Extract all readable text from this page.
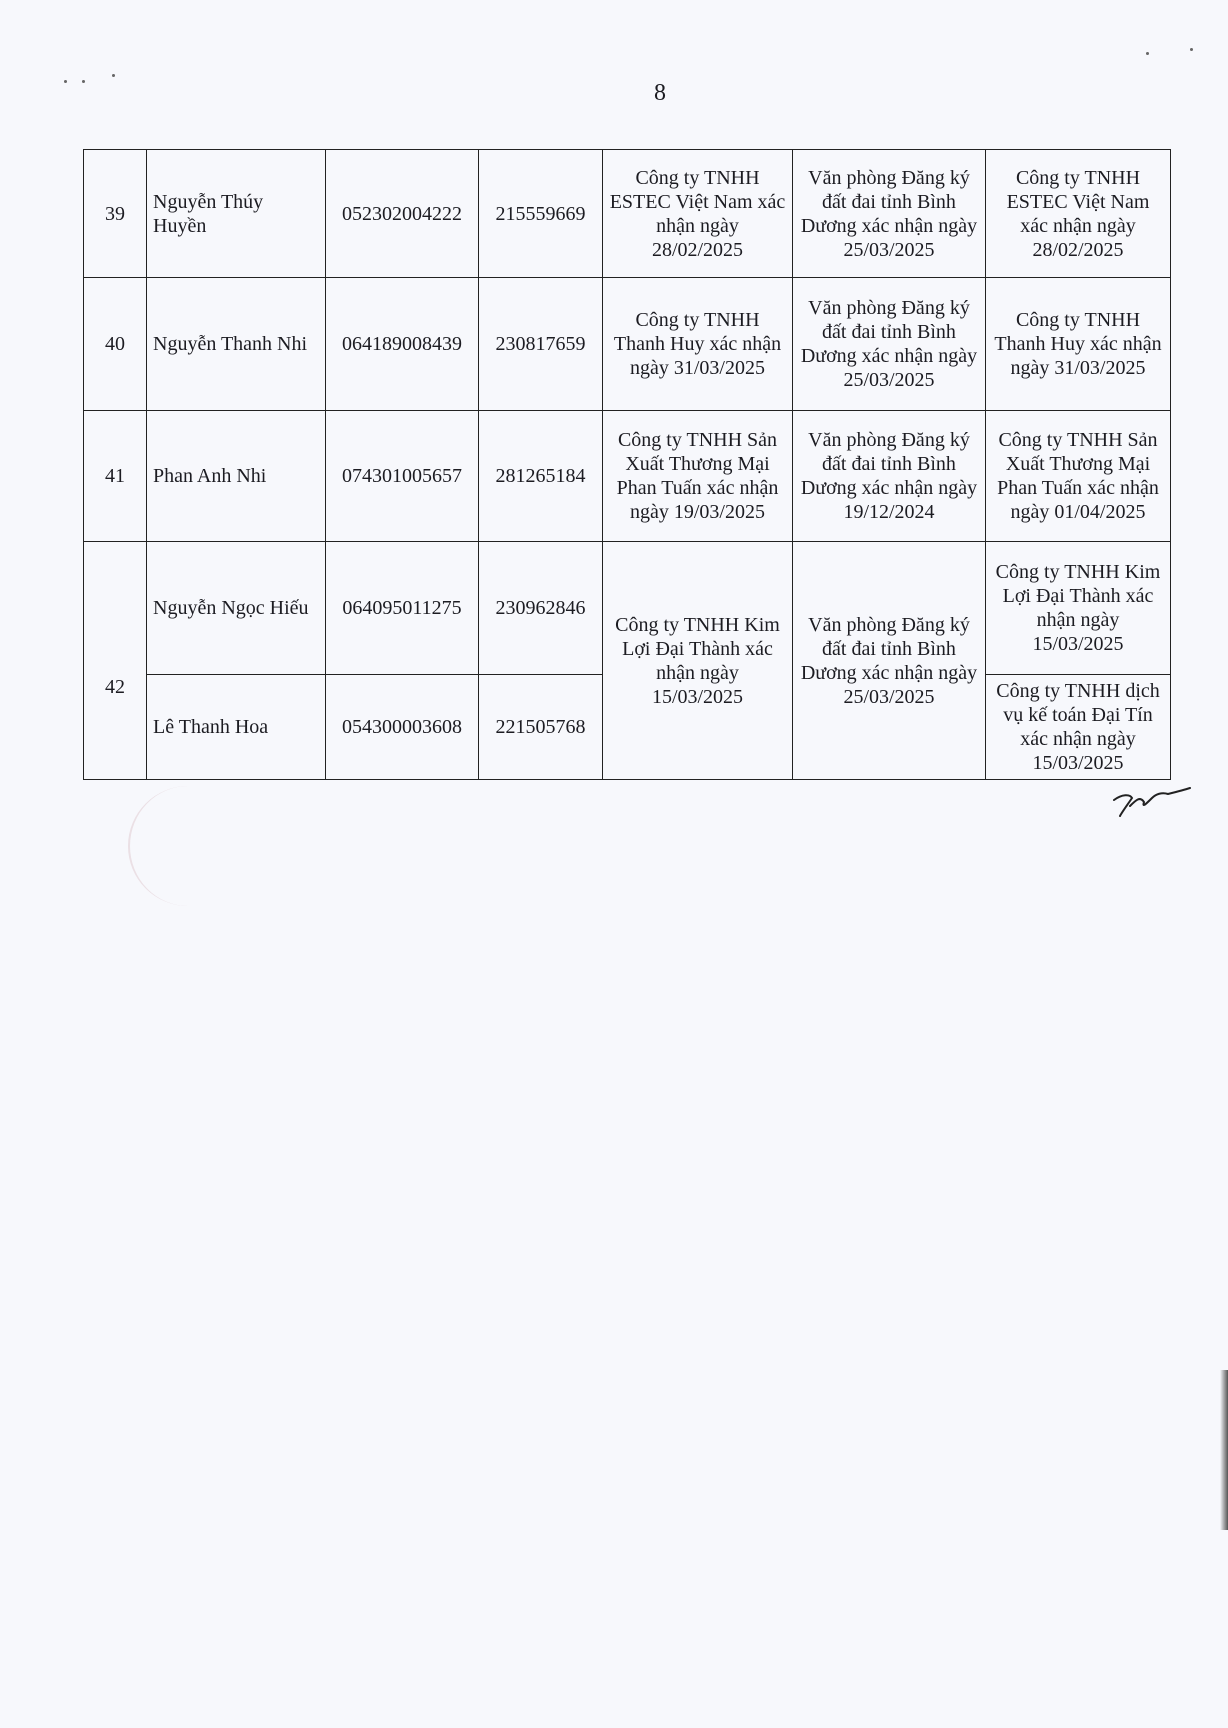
8
39	Nguyễn Thúy Huyền	052302004222	215559669	Công ty TNHH ESTEC Việt Nam xác nhận ngày 28/02/2025	Văn phòng Đăng ký đất đai tỉnh Bình Dương xác nhận ngày 25/03/2025	Công ty TNHH ESTEC Việt Nam xác nhận ngày 28/02/2025
40	Nguyễn Thanh Nhi	064189008439	230817659	Công ty TNHH Thanh Huy xác nhận ngày 31/03/2025	Văn phòng Đăng ký đất đai tỉnh Bình Dương xác nhận ngày 25/03/2025	Công ty TNHH Thanh Huy xác nhận ngày 31/03/2025
41	Phan Anh Nhi	074301005657	281265184	Công ty TNHH Sản Xuất Thương Mại Phan Tuấn xác nhận ngày 19/03/2025	Văn phòng Đăng ký đất đai tỉnh Bình Dương xác nhận ngày 19/12/2024	Công ty TNHH Sản Xuất Thương Mại Phan Tuấn xác nhận ngày 01/04/2025
42	Nguyễn Ngọc Hiếu	064095011275	230962846	Công ty TNHH Kim Lợi Đại Thành xác nhận ngày 15/03/2025	Văn phòng Đăng ký đất đai tỉnh Bình Dương xác nhận ngày 25/03/2025	Công ty TNHH Kim Lợi Đại Thành xác nhận ngày 15/03/2025
	Lê Thanh Hoa	054300003608	221505768			Công ty TNHH dịch vụ kế toán Đại Tín xác nhận ngày 15/03/2025
